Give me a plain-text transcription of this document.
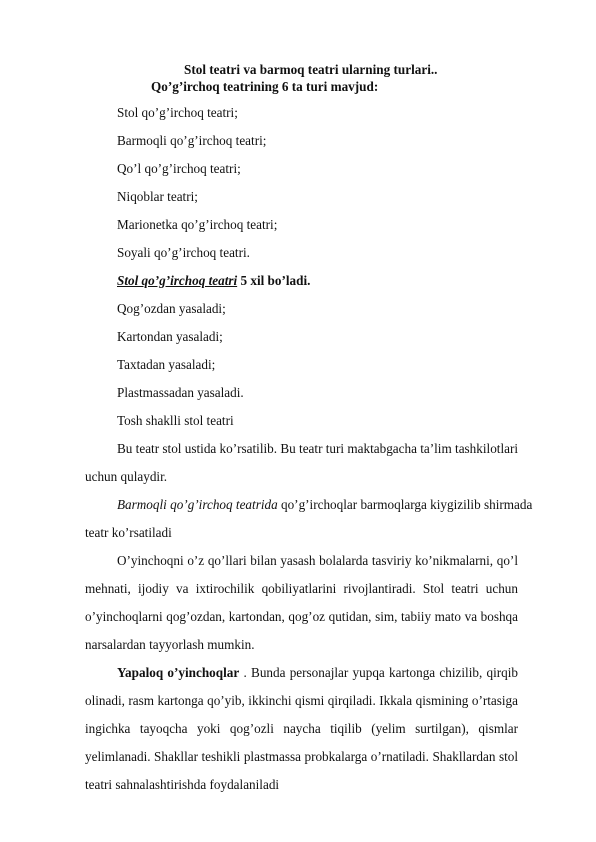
Stol teatri va barmoq teatri ularning turlari..
Qo’g’irchoq teatrining 6 ta turi mavjud:
Stol qo’g’irchoq teatri;
Barmoqli qo’g’irchoq teatri;
Qo’l qo’g’irchoq teatri;
Niqoblar teatri;
Marionetka qo’g’irchoq teatri;
Soyali qo’g’irchoq teatri.
Stol qo’g’irchoq teatri 5 xil bo’ladi.
Qog’ozdan yasaladi;
Kartondan yasaladi;
Taxtadan yasaladi;
Plastmassadan yasaladi.
Tosh shaklli stol teatri
Bu teatr stol ustida ko’rsatilib. Bu teatr turi maktabgacha ta’lim tashkilotlari
uchun qulaydir.
Barmoqli qo’g’irchoq teatrida qo’g’irchoqlar barmoqlarga kiygizilib shirmada
teatr ko’rsatiladi
O’yinchoqni o’z qo’llari bilan yasash bolalarda tasviriy ko’nikmalarni, qo’l
mehnati, ijodiy va ixtirochilik qobiliyatlarini rivojlantiradi. Stol teatri uchun
o’yinchoqlarni qog’ozdan, kartondan, qog’oz qutidan, sim, tabiiy mato va boshqa
narsalardan tayyorlash mumkin.
Yapaloq o’yinchoqlar . Bunda personajlar yupqa kartonga chizilib, qirqib
olinadi, rasm kartonga qo’yib, ikkinchi qismi qirqiladi. Ikkala qismining o’rtasiga
ingichka tayoqcha yoki qog’ozli naycha tiqilib (yelim surtilgan), qismlar
yelimlanadi. Shakllar teshikli plastmassa probkalarga o’rnatiladi. Shakllardan stol
teatri sahnalashtirishda foydalaniladi
